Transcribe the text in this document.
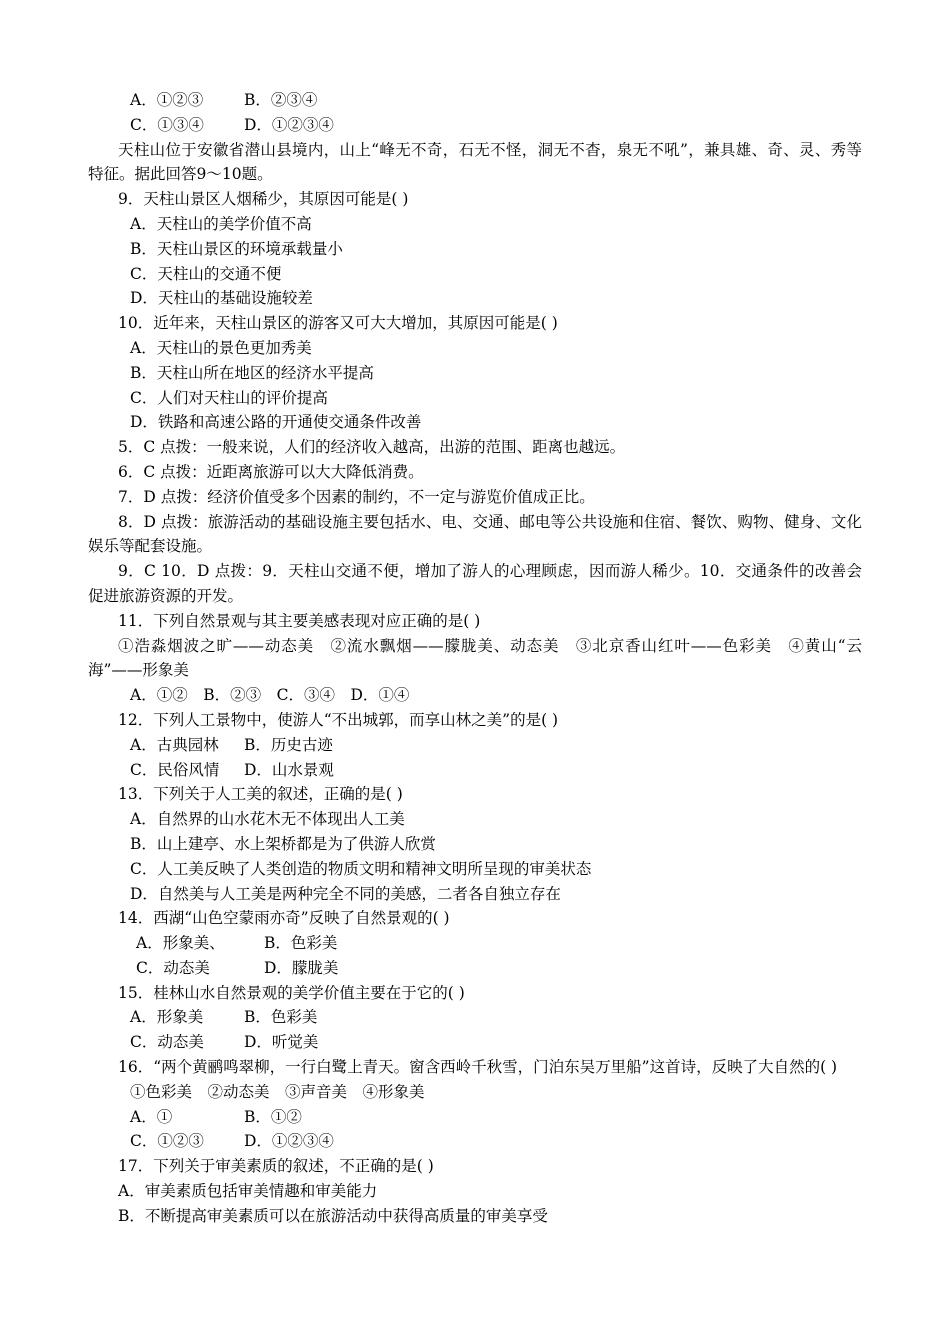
A．①②③	B．②③④
C．①③④	D．①②③④
天柱山位于安徽省潜山县境内，山上“峰无不奇，石无不怪，洞无不杳，泉无不吼”，兼具雄、奇、灵、秀等特征。据此回答9～10题。
9．天柱山景区人烟稀少，其原因可能是( )
A．天柱山的美学价值不高
B．天柱山景区的环境承载量小
C．天柱山的交通不便
D．天柱山的基础设施较差
10．近年来，天柱山景区的游客又可大大增加，其原因可能是( )
A．天柱山的景色更加秀美
B．天柱山所在地区的经济水平提高
C．人们对天柱山的评价提高
D．铁路和高速公路的开通使交通条件改善
5．C 点拨：一般来说，人们的经济收入越高，出游的范围、距离也越远。
6．C 点拨：近距离旅游可以大大降低消费。
7．D 点拨：经济价值受多个因素的制约，不一定与游览价值成正比。
8．D 点拨：旅游活动的基础设施主要包括水、电、交通、邮电等公共设施和住宿、餐饮、购物、健身、文化娱乐等配套设施。
9．C 10．D 点拨：9．天柱山交通不便，增加了游人的心理顾虑，因而游人稀少。10．交通条件的改善会促进旅游资源的开发。
11．下列自然景观与其主要美感表现对应正确的是( )
①浩淼烟波之旷——动态美　②流水飘烟——朦胧美、动态美　③北京香山红叶——色彩美　④黄山“云海”——形象美
A．①②　B．②③　C．③④　D．①④
12．下列人工景物中，使游人“不出城郭，而享山林之美”的是( )
A．古典园林 B．历史古迹
C．民俗风情 D．山水景观
13．下列关于人工美的叙述，正确的是( )
A．自然界的山水花木无不体现出人工美
B．山上建亭、水上架桥都是为了供游人欣赏
C．人工美反映了人类创造的物质文明和精神文明所呈现的审美状态
D．自然美与人工美是两种完全不同的美感，二者各自独立存在
14．西湖“山色空蒙雨亦奇”反映了自然景观的( )
A．形象美、	B．色彩美
C．动态美	D．朦胧美
15．桂林山水自然景观的美学价值主要在于它的( )
A．形象美	B．色彩美
C．动态美	D．听觉美
16．“两个黄鹂鸣翠柳，一行白鹭上青天。窗含西岭千秋雪，门泊东吴万里船”这首诗，反映了大自然的( )
①色彩美　②动态美　③声音美　④形象美
A．①	B．①②
C．①②③	D．①②③④
17．下列关于审美素质的叙述，不正确的是( )
A．审美素质包括审美情趣和审美能力
B．不断提高审美素质可以在旅游活动中获得高质量的审美享受
